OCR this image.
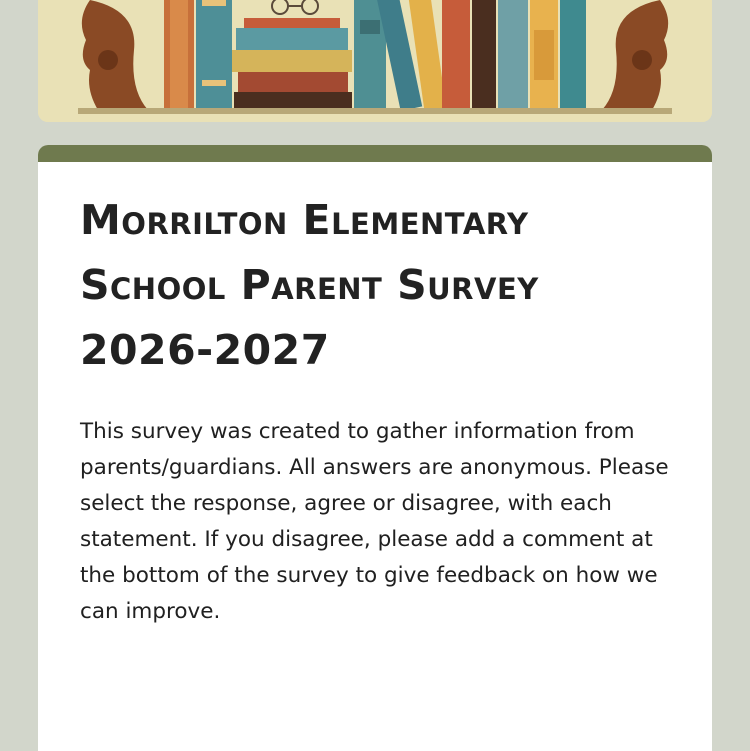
Morrilton Elementary School Parent Survey 2026-2027
This survey was created to gather information from parents/guardians. All answers are anonymous. Please select the response, agree or disagree, with each statement. If you disagree, please add a comment at the bottom of the survey to give feedback on how we can improve.
